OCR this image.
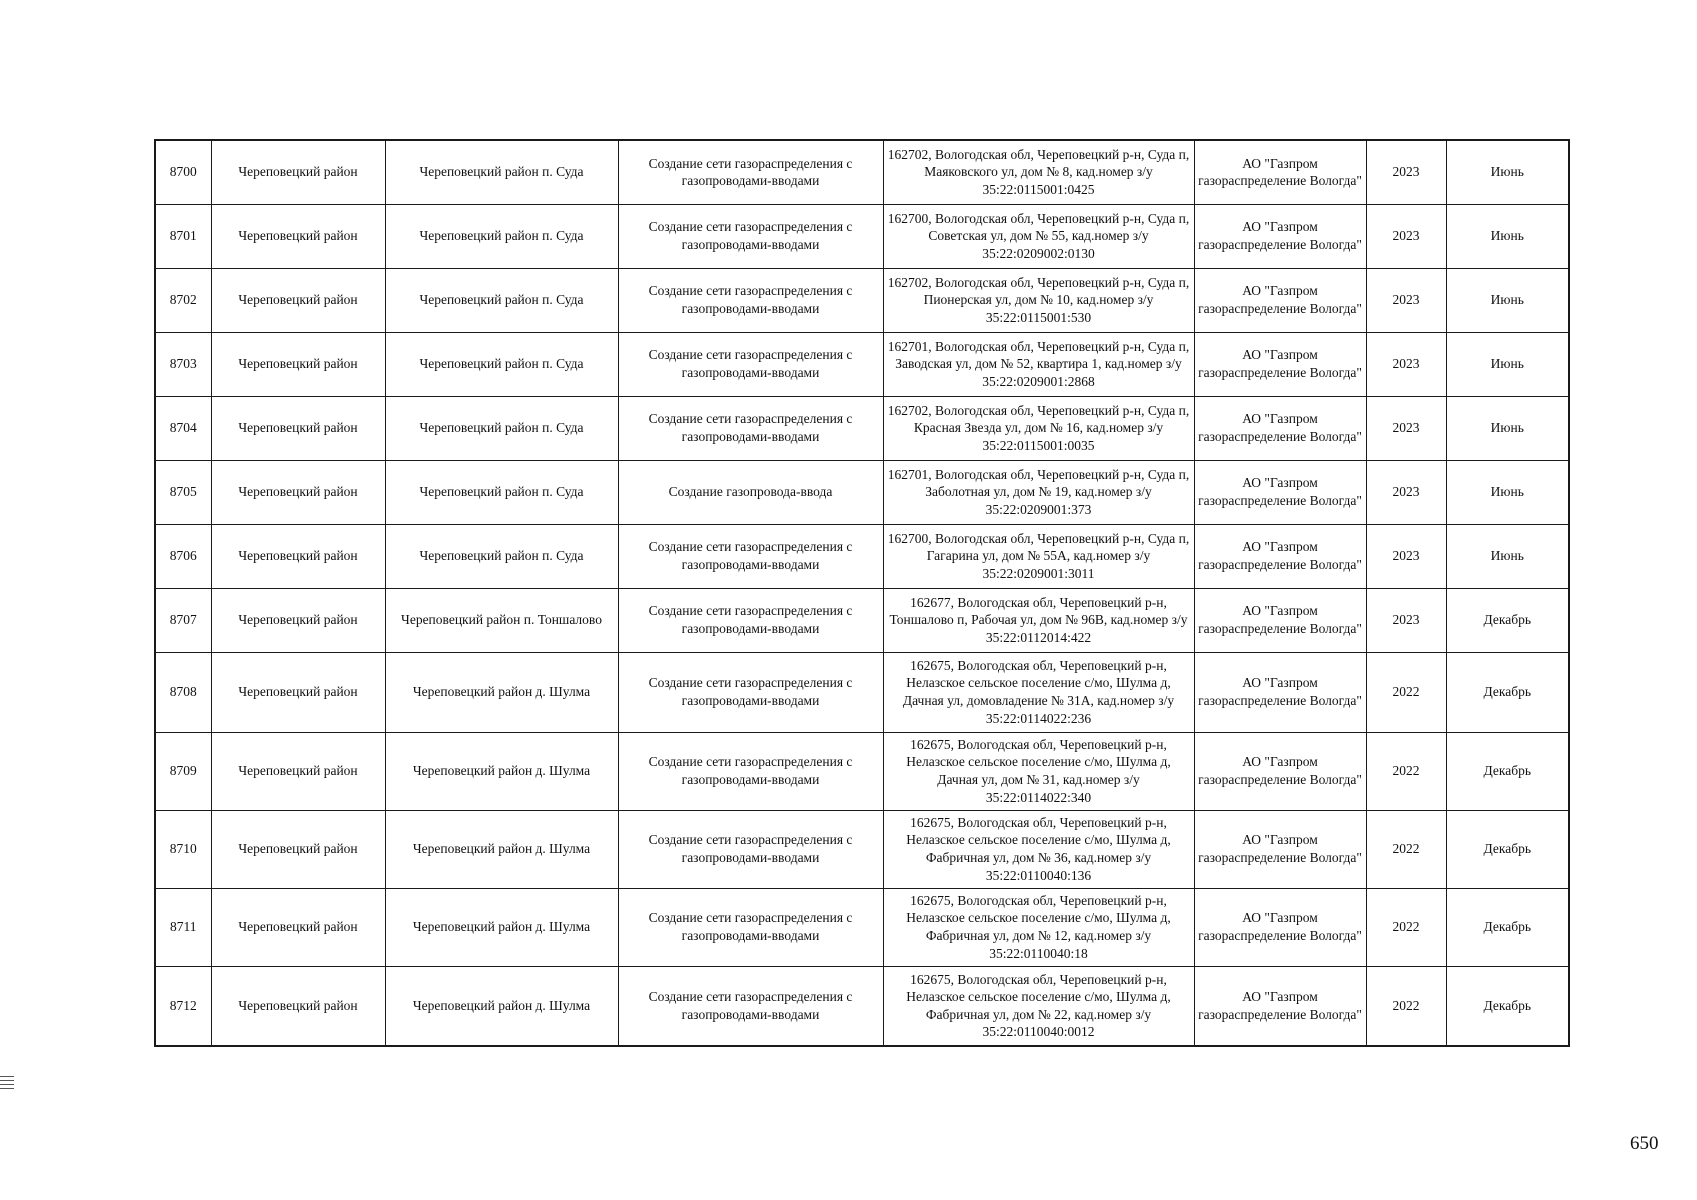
8700	Череповецкий район	Череповецкий район п. Суда	Создание сети газораспределения с газопроводами-вводами	162702, Вологодская обл, Череповецкий р-н, Суда п, Маяковского ул, дом № 8, кад.номер з/у 35:22:0115001:0425	АО "Газпром газораспределение Вологда"	2023	Июнь
8701	Череповецкий район	Череповецкий район п. Суда	Создание сети газораспределения с газопроводами-вводами	162700, Вологодская обл, Череповецкий р-н, Суда п, Советская ул, дом № 55, кад.номер з/у 35:22:0209002:0130	АО "Газпром газораспределение Вологда"	2023	Июнь
8702	Череповецкий район	Череповецкий район п. Суда	Создание сети газораспределения с газопроводами-вводами	162702, Вологодская обл, Череповецкий р-н, Суда п, Пионерская ул, дом № 10, кад.номер з/у 35:22:0115001:530	АО "Газпром газораспределение Вологда"	2023	Июнь
8703	Череповецкий район	Череповецкий район п. Суда	Создание сети газораспределения с газопроводами-вводами	162701, Вологодская обл, Череповецкий р-н, Суда п, Заводская ул, дом № 52, квартира 1, кад.номер з/у 35:22:0209001:2868	АО "Газпром газораспределение Вологда"	2023	Июнь
8704	Череповецкий район	Череповецкий район п. Суда	Создание сети газораспределения с газопроводами-вводами	162702, Вологодская обл, Череповецкий р-н, Суда п, Красная Звезда ул, дом № 16, кад.номер з/у 35:22:0115001:0035	АО "Газпром газораспределение Вологда"	2023	Июнь
8705	Череповецкий район	Череповецкий район п. Суда	Создание газопровода-ввода	162701, Вологодская обл, Череповецкий р-н, Суда п, Заболотная ул, дом № 19, кад.номер з/у 35:22:0209001:373	АО "Газпром газораспределение Вологда"	2023	Июнь
8706	Череповецкий район	Череповецкий район п. Суда	Создание сети газораспределения с газопроводами-вводами	162700, Вологодская обл, Череповецкий р-н, Суда п, Гагарина ул, дом № 55А, кад.номер з/у 35:22:0209001:3011	АО "Газпром газораспределение Вологда"	2023	Июнь
8707	Череповецкий район	Череповецкий район п. Тоншалово	Создание сети газораспределения с газопроводами-вводами	162677, Вологодская обл, Череповецкий р-н, Тоншалово п, Рабочая ул, дом № 96В, кад.номер з/у 35:22:0112014:422	АО "Газпром газораспределение Вологда"	2023	Декабрь
8708	Череповецкий район	Череповецкий район д. Шулма	Создание сети газораспределения с газопроводами-вводами	162675, Вологодская обл, Череповецкий р-н, Нелазское сельское поселение с/мо, Шулма д, Дачная ул, домовладение № 31А, кад.номер з/у 35:22:0114022:236	АО "Газпром газораспределение Вологда"	2022	Декабрь
8709	Череповецкий район	Череповецкий район д. Шулма	Создание сети газораспределения с газопроводами-вводами	162675, Вологодская обл, Череповецкий р-н, Нелазское сельское поселение с/мо, Шулма д, Дачная ул, дом № 31, кад.номер з/у 35:22:0114022:340	АО "Газпром газораспределение Вологда"	2022	Декабрь
8710	Череповецкий район	Череповецкий район д. Шулма	Создание сети газораспределения с газопроводами-вводами	162675, Вологодская обл, Череповецкий р-н, Нелазское сельское поселение с/мо, Шулма д, Фабричная ул, дом № 36, кад.номер з/у 35:22:0110040:136	АО "Газпром газораспределение Вологда"	2022	Декабрь
8711	Череповецкий район	Череповецкий район д. Шулма	Создание сети газораспределения с газопроводами-вводами	162675, Вологодская обл, Череповецкий р-н, Нелазское сельское поселение с/мо, Шулма д, Фабричная ул, дом № 12, кад.номер з/у 35:22:0110040:18	АО "Газпром газораспределение Вологда"	2022	Декабрь
8712	Череповецкий район	Череповецкий район д. Шулма	Создание сети газораспределения с газопроводами-вводами	162675, Вологодская обл, Череповецкий р-н, Нелазское сельское поселение с/мо, Шулма д, Фабричная ул, дом № 22, кад.номер з/у 35:22:0110040:0012	АО "Газпром газораспределение Вологда"	2022	Декабрь
650
